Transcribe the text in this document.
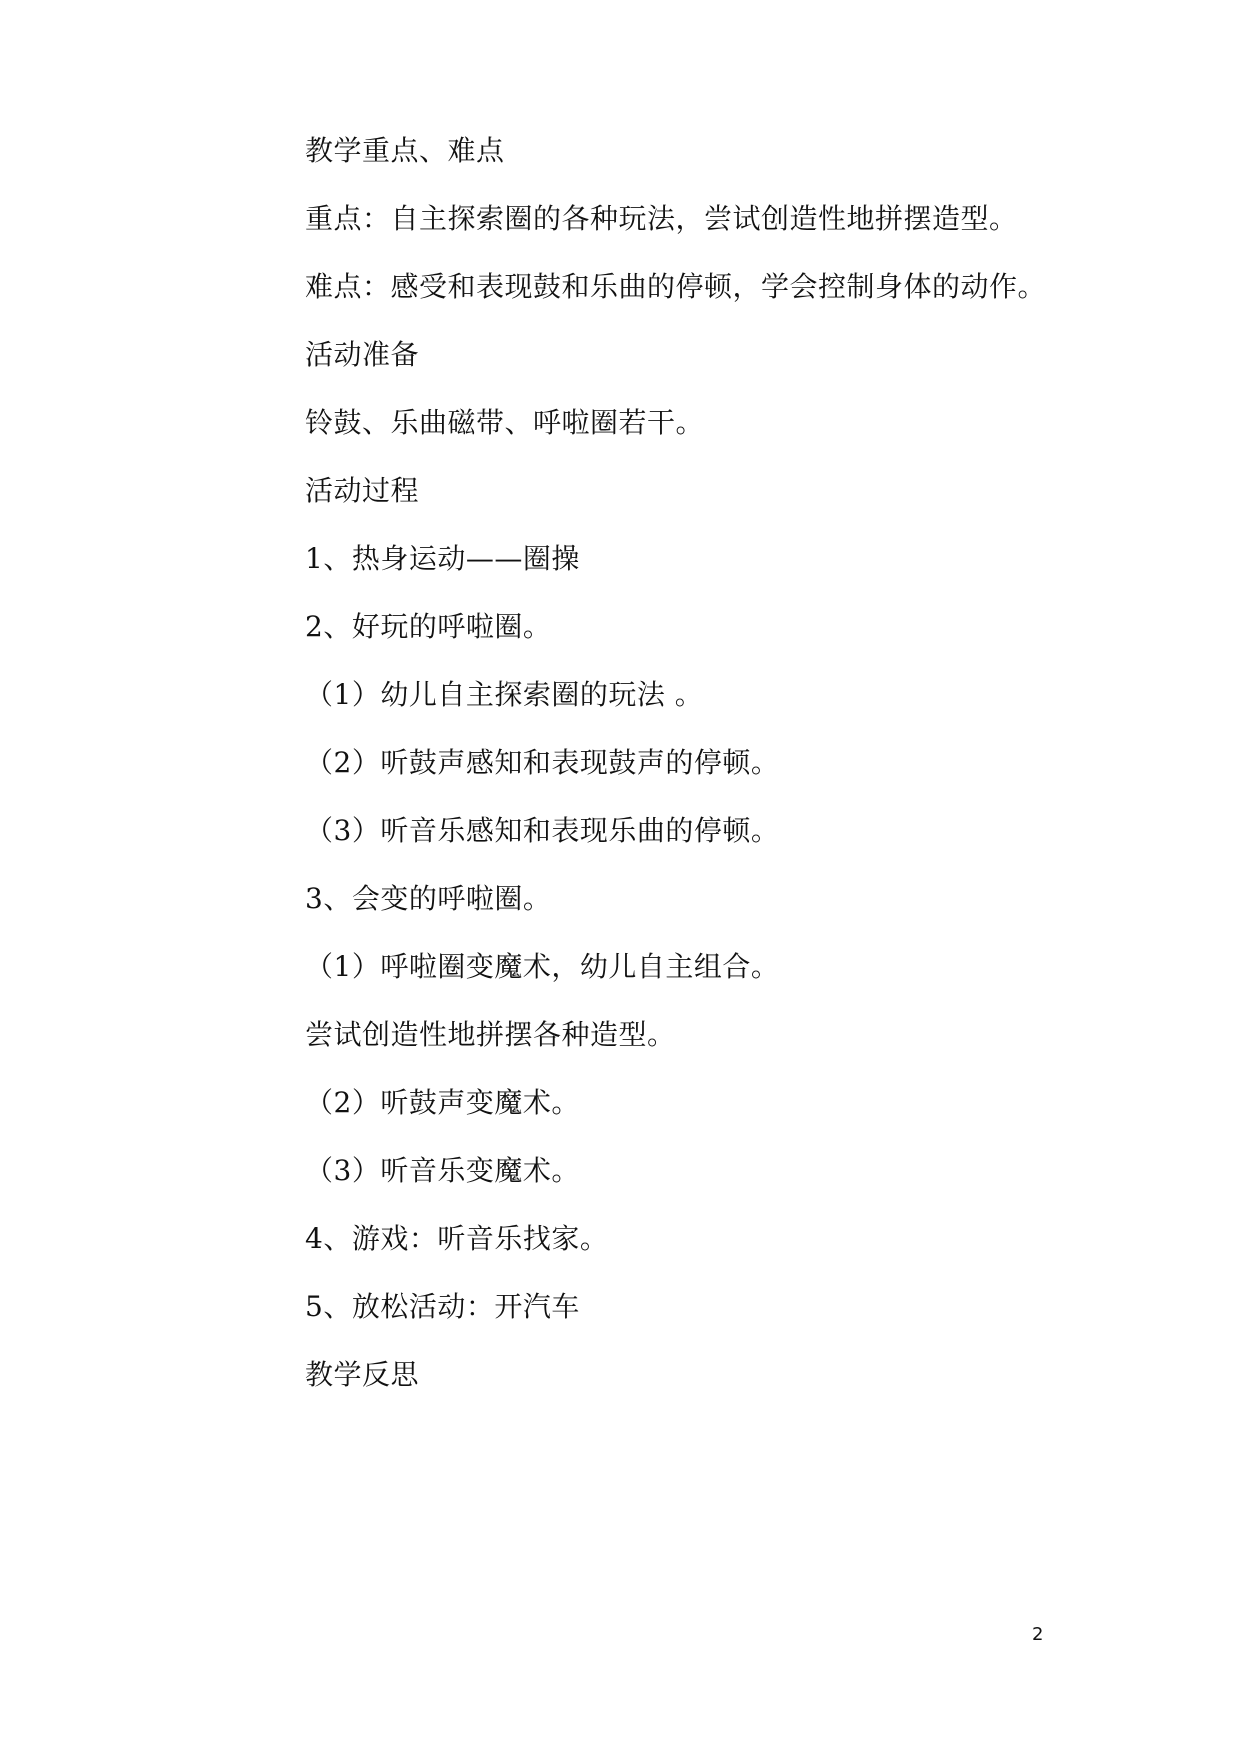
教学重点、难点
重点：自主探索圈的各种玩法，尝试创造性地拼摆造型。
难点：感受和表现鼓和乐曲的停顿，学会控制身体的动作。
活动准备
铃鼓、乐曲磁带、呼啦圈若干。
活动过程
1、热身运动——圈操
2、好玩的呼啦圈。
（1）幼儿自主探索圈的玩法 。
（2）听鼓声感知和表现鼓声的停顿。
（3）听音乐感知和表现乐曲的停顿。
3、会变的呼啦圈。
（1）呼啦圈变魔术，幼儿自主组合。
尝试创造性地拼摆各种造型。
（2）听鼓声变魔术。
（3）听音乐变魔术。
4、游戏：听音乐找家。
5、放松活动：开汽车
教学反思
2
